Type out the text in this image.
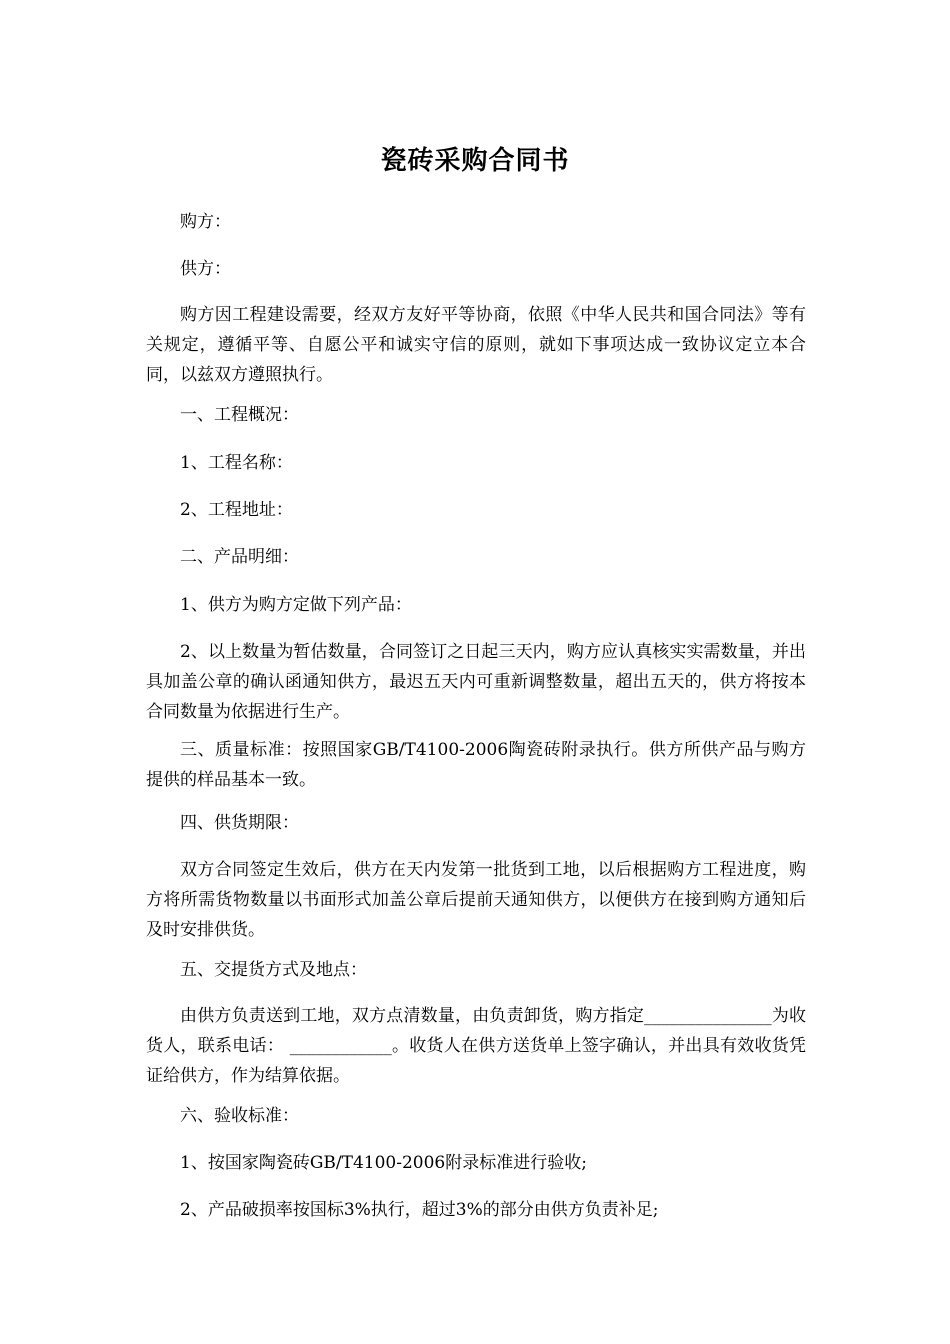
瓷砖采购合同书

购方：

供方：

购方因工程建设需要，经双方友好平等协商，依照《中华人民共和国合同法》等有关规定，遵循平等、自愿公平和诚实守信的原则，就如下事项达成一致协议定立本合同，以兹双方遵照执行。

一、工程概况：

1、工程名称：

2、工程地址：

二、产品明细：

1、供方为购方定做下列产品：

2、以上数量为暂估数量，合同签订之日起三天内，购方应认真核实实需数量，并出具加盖公章的确认函通知供方，最迟五天内可重新调整数量，超出五天的，供方将按本合同数量为依据进行生产。

三、质量标准：按照国家GB/T4100-2006陶瓷砖附录执行。供方所供产品与购方提供的样品基本一致。

四、供货期限：

双方合同签定生效后，供方在天内发第一批货到工地，以后根据购方工程进度，购方将所需货物数量以书面形式加盖公章后提前天通知供方，以便供方在接到购方通知后及时安排供货。

五、交提货方式及地点：

由供方负责送到工地，双方点清数量，由负责卸货，购方指定_______________为收货人，联系电话： ____________。收货人在供方送货单上签字确认，并出具有效收货凭证给供方，作为结算依据。

六、验收标准：

1、按国家陶瓷砖GB/T4100-2006附录标准进行验收;

2、产品破损率按国标3%执行，超过3%的部分由供方负责补足;
